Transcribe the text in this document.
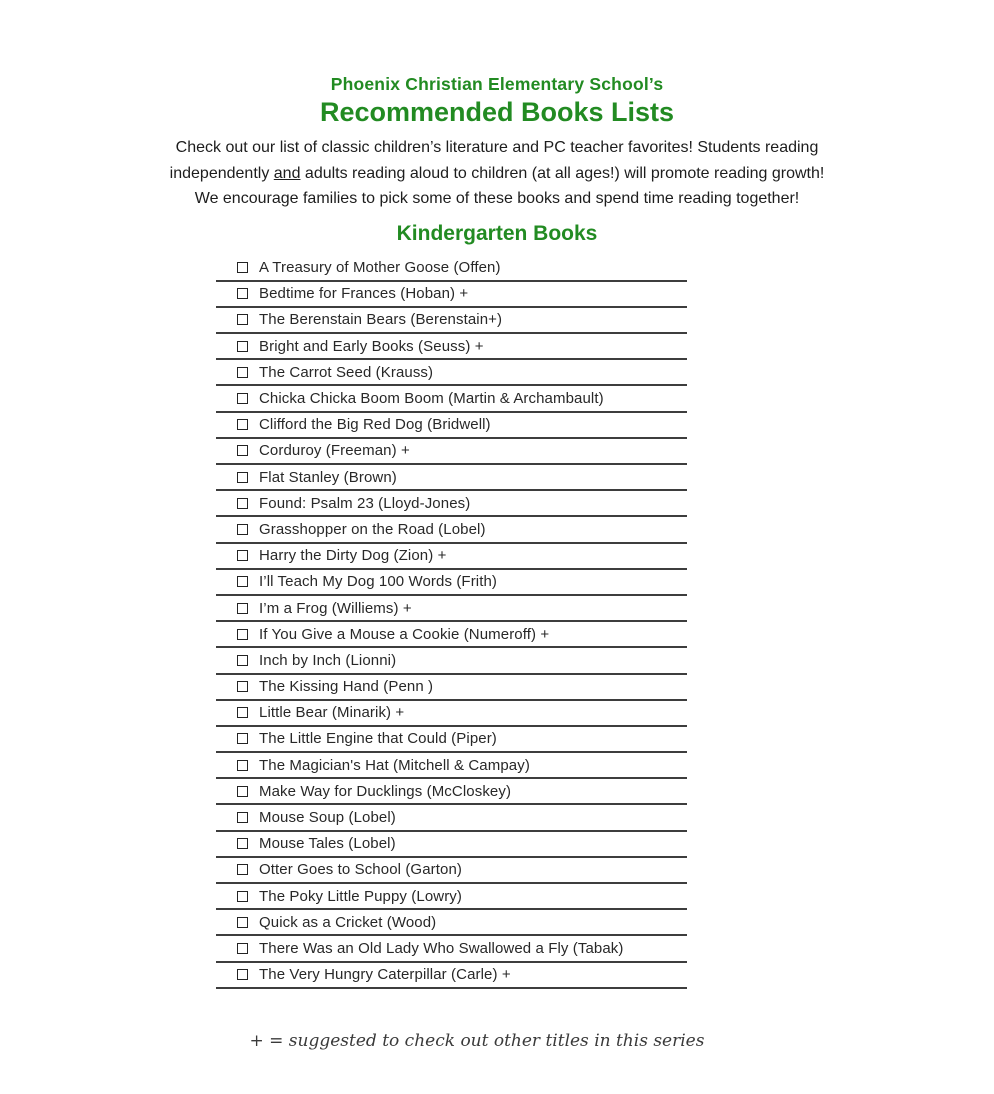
Phoenix Christian Elementary School’s
Recommended Books Lists
Check out our list of classic children’s literature and PC teacher favorites! Students reading
independently and adults reading aloud to children (at all ages!) will promote reading growth!
We encourage families to pick some of these books and spend time reading together!
Kindergarten Books
A Treasury of Mother Goose (Offen)
Bedtime for Frances (Hoban) +
The Berenstain Bears (Berenstain+)
Bright and Early Books (Seuss) +
The Carrot Seed (Krauss)
Chicka Chicka Boom Boom (Martin & Archambault)
Clifford the Big Red Dog (Bridwell)
Corduroy (Freeman) +
Flat Stanley (Brown)
Found: Psalm 23 (Lloyd-Jones)
Grasshopper on the Road (Lobel)
Harry the Dirty Dog (Zion) +
I’ll Teach My Dog 100 Words (Frith)
I’m a Frog (Williems) +
If You Give a Mouse a Cookie (Numeroff) +
Inch by Inch (Lionni)
The Kissing Hand (Penn )
Little Bear (Minarik) +
The Little Engine that Could (Piper)
The Magician's Hat (Mitchell & Campay)
Make Way for Ducklings (McCloskey)
Mouse Soup (Lobel)
Mouse Tales (Lobel)
Otter Goes to School (Garton)
The Poky Little Puppy (Lowry)
Quick as a Cricket (Wood)
There Was an Old Lady Who Swallowed a Fly (Tabak)
The Very Hungry Caterpillar (Carle) +
+ = suggested to check out other titles in this series
